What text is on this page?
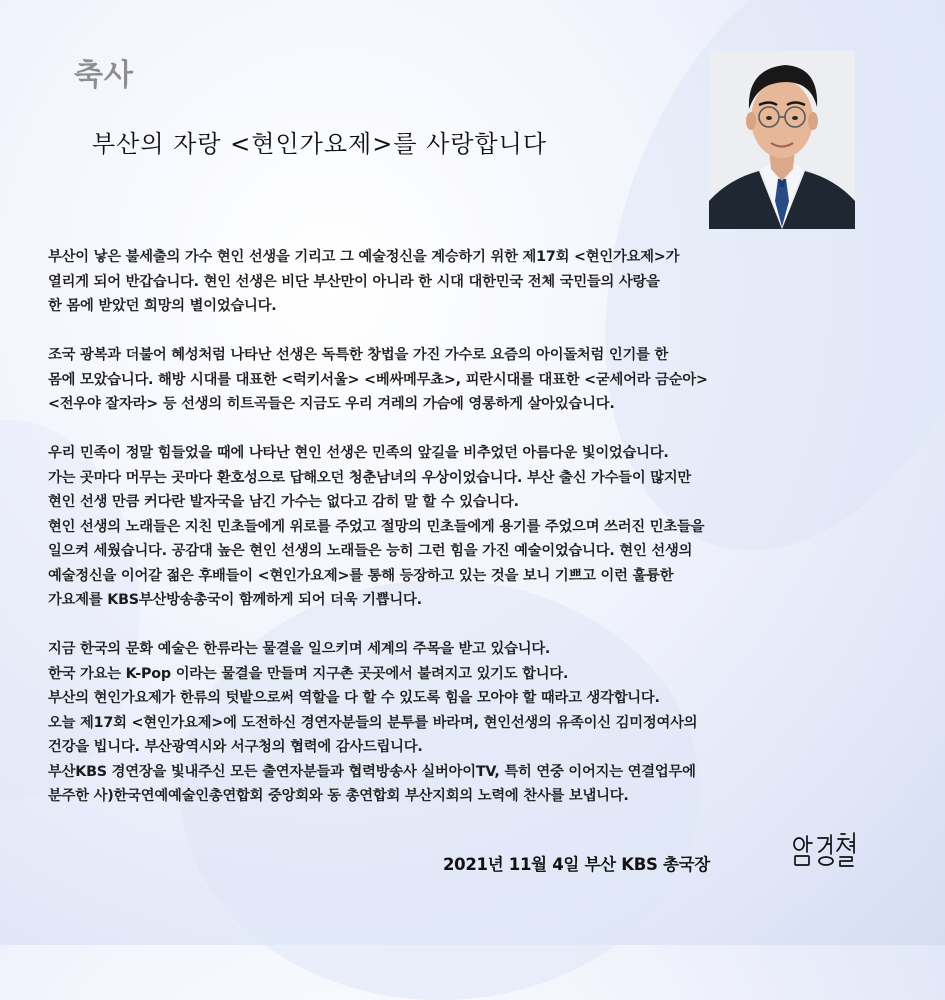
축사
부산의 자랑 <현인가요제>를 사랑합니다
부산이 낳은 불세출의 가수 현인 선생을 기리고 그 예술정신을 계승하기 위한 제17회 <현인가요제>가
열리게 되어 반갑습니다. 현인 선생은 비단 부산만이 아니라 한 시대 대한민국 전체 국민들의 사랑을
한 몸에 받았던 희망의 별이었습니다.
조국 광복과 더불어 혜성처럼 나타난 선생은 독특한 창법을 가진 가수로 요즘의 아이돌처럼 인기를 한
몸에 모았습니다. 해방 시대를 대표한 <럭키서울> <베싸메무쵸>, 피란시대를 대표한 <굳세어라 금순아>
<전우야 잘자라> 등 선생의 히트곡들은 지금도 우리 겨레의 가슴에 영롱하게 살아있습니다.
우리 민족이 정말 힘들었을 때에 나타난 현인 선생은 민족의 앞길을 비추었던 아름다운 빛이었습니다.
가는 곳마다 머무는 곳마다 환호성으로 답해오던 청춘남녀의 우상이었습니다. 부산 출신 가수들이 많지만
현인 선생 만큼 커다란 발자국을 남긴 가수는 없다고 감히 말 할 수 있습니다.
현인 선생의 노래들은 지친 민초들에게 위로를 주었고 절망의 민초들에게 용기를 주었으며 쓰러진 민초들을
일으켜 세웠습니다. 공감대 높은 현인 선생의 노래들은 능히 그런 힘을 가진 예술이었습니다. 현인 선생의
예술정신을 이어갈 젊은 후배들이 <현인가요제>를 통해 등장하고 있는 것을 보니 기쁘고 이런 훌륭한
가요제를 KBS부산방송총국이 함께하게 되어 더욱 기쁩니다.
지금 한국의 문화 예술은 한류라는 물결을 일으키며 세계의 주목을 받고 있습니다.
한국 가요는 K-Pop 이라는 물결을 만들며 지구촌 곳곳에서 불려지고 있기도 합니다.
부산의 현인가요제가 한류의 텃밭으로써 역할을 다 할 수 있도록 힘을 모아야 할 때라고 생각합니다.
오늘 제17회 <현인가요제>에 도전하신 경연자분들의 분투를 바라며, 현인선생의 유족이신 김미정여사의
건강을 빕니다. 부산광역시와 서구청의 협력에 감사드립니다.
부산KBS 경연장을 빛내주신 모든 출연자분들과 협력방송사 실버아이TV, 특히 연중 이어지는 연결업무에
분주한 사)한국연예예술인총연합회 중앙회와 동 총연합회 부산지회의 노력에 찬사를 보냅니다.
2021년 11월 4일 부산 KBS 총국장
